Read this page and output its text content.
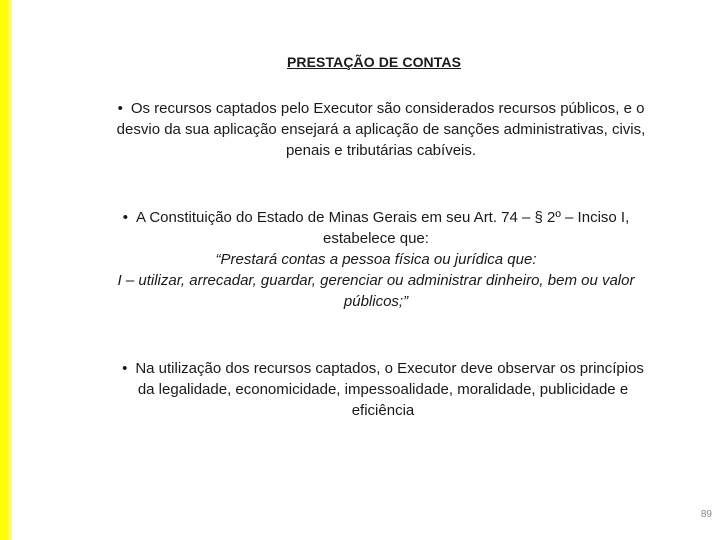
PRESTAÇÃO DE CONTAS
• Os recursos captados pelo Executor são considerados recursos públicos, e o desvio da sua aplicação ensejará a aplicação de sanções administrativas, civis, penais e tributárias cabíveis.
• A Constituição do Estado de Minas Gerais em seu Art. 74 – § 2º – Inciso I, estabelece que:
“Prestará contas a pessoa física ou jurídica que:
I – utilizar, arrecadar, guardar, gerenciar ou administrar dinheiro, bem ou valor públicos;”
• Na utilização dos recursos captados, o Executor deve observar os princípios da legalidade, economicidade, impessoalidade, moralidade, publicidade e eficiência
89
